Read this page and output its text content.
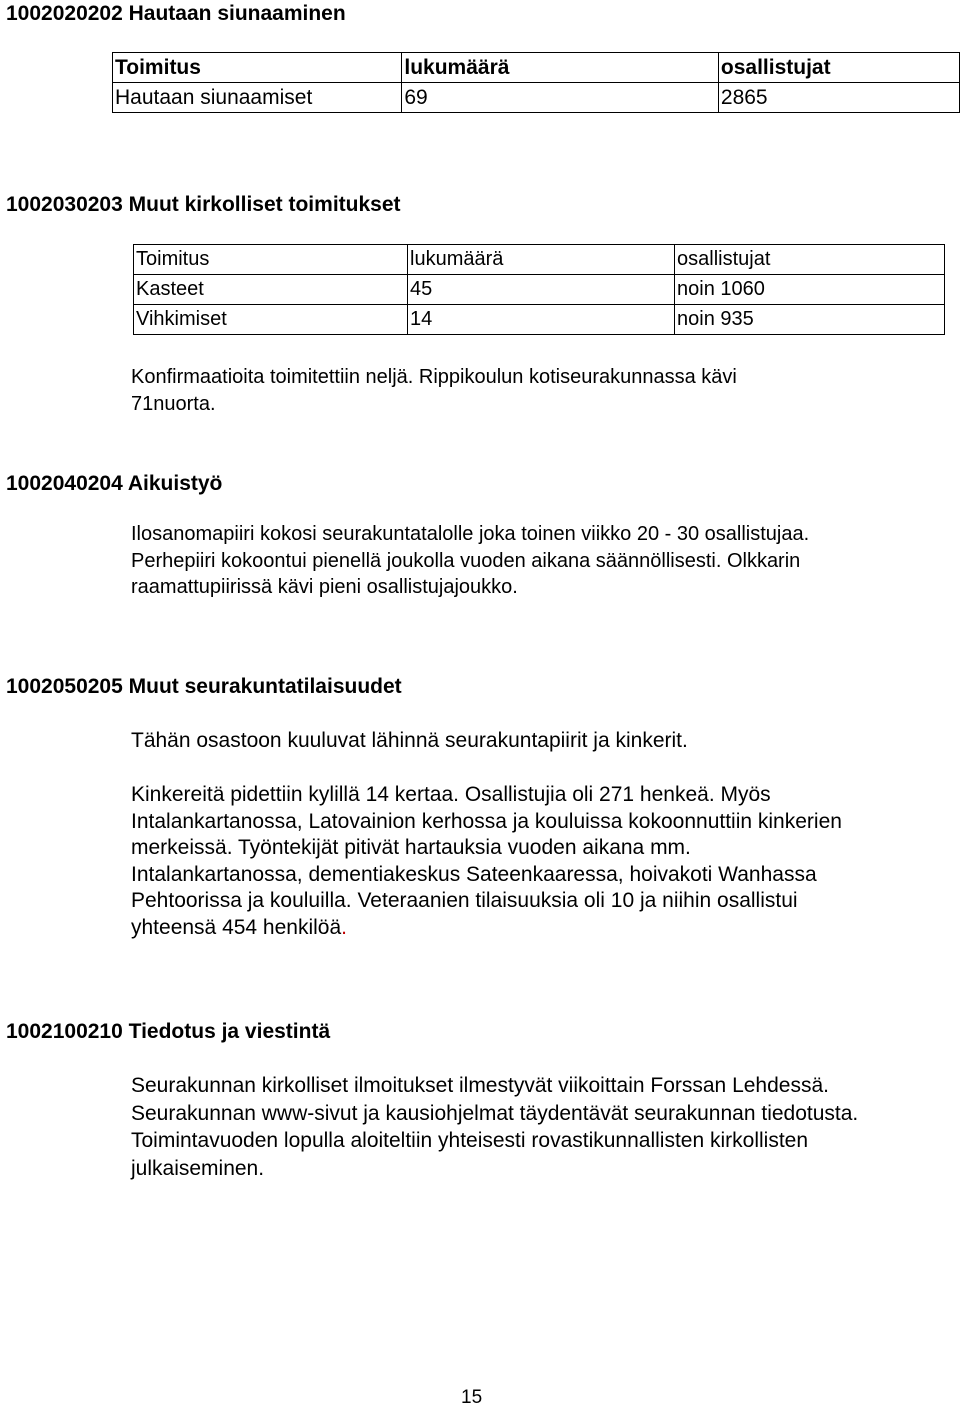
1002020202 Hautaan siunaaminen
Toimitus	lukumäärä	osallistujat
Hautaan siunaamiset	69	2865
1002030203 Muut kirkolliset toimitukset
Toimitus	lukumäärä	osallistujat
Kasteet	45	noin 1060
Vihkimiset	14	noin 935
Konfirmaatioita toimitettiin neljä. Rippikoulun kotiseurakunnassa kävi
71nuorta.
1002040204 Aikuistyö
Ilosanomapiiri kokosi seurakuntatalolle joka toinen viikko 20 - 30 osallistujaa.
Perhepiiri kokoontui pienellä joukolla vuoden aikana säännöllisesti. Olkkarin
raamattupiirissä kävi pieni osallistujajoukko.
1002050205 Muut seurakuntatilaisuudet
Tähän osastoon kuuluvat lähinnä seurakuntapiirit ja kinkerit.
Kinkereitä pidettiin kylillä 14 kertaa. Osallistujia oli 271 henkeä. Myös
Intalankartanossa, Latovainion kerhossa ja kouluissa kokoonnuttiin kinkerien
merkeissä. Työntekijät pitivät hartauksia vuoden aikana mm.
Intalankartanossa, dementiakeskus Sateenkaaressa, hoivakoti Wanhassa
Pehtoorissa ja kouluilla. Veteraanien tilaisuuksia oli 10 ja niihin osallistui
yhteensä 454 henkilöä.
1002100210 Tiedotus ja viestintä
Seurakunnan kirkolliset ilmoitukset ilmestyvät viikoittain Forssan Lehdessä.
Seurakunnan www-sivut ja kausiohjelmat täydentävät seurakunnan tiedotusta.
Toimintavuoden lopulla aloiteltiin yhteisesti rovastikunnallisten kirkollisten
julkaiseminen.
15
